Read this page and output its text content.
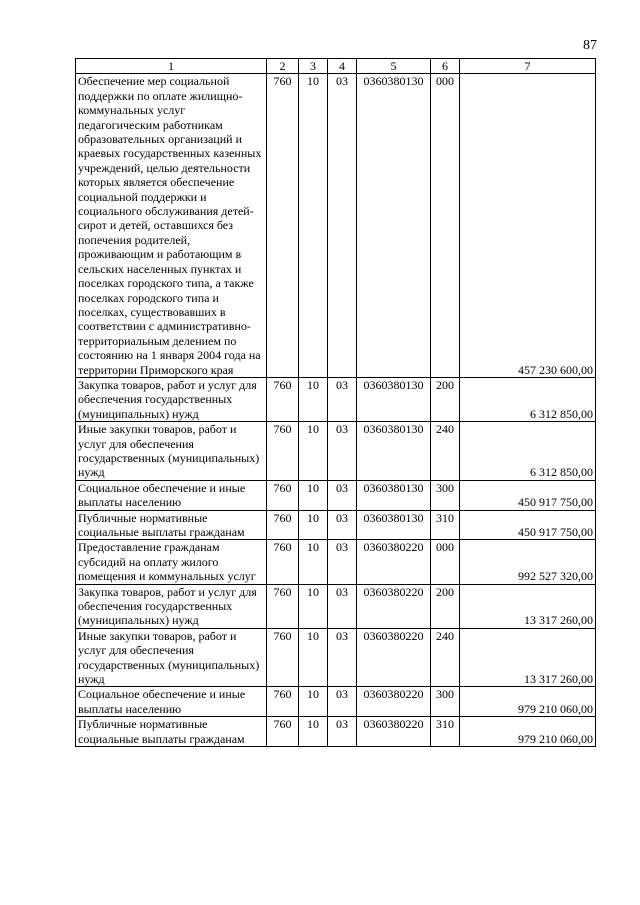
87
1	2	3	4	5	6	7
Обеспечение мер социальной поддержки по оплате жилищно-коммунальных услуг педагогическим работникам образовательных организаций и краевых государственных казенных учреждений, целью деятельности которых является обеспечение социальной поддержки и социального обслуживания детей-сирот и детей, оставшихся без попечения родителей, проживающим и работающим в сельских населенных пунктах и поселках городского типа, а также поселках городского типа и поселках, существовавших в соответствии с административно-территориальным делением по состоянию на 1 января 2004 года на территории Приморского края	760	10	03	0360380130	000	457 230 600,00
Закупка товаров, работ и услуг для обеспечения государственных (муниципальных) нужд	760	10	03	0360380130	200	6 312 850,00
Иные закупки товаров, работ и услуг для обеспечения государственных (муниципальных) нужд	760	10	03	0360380130	240	6 312 850,00
Социальное обеспечение и иные выплаты населению	760	10	03	0360380130	300	450 917 750,00
Публичные нормативные социальные выплаты гражданам	760	10	03	0360380130	310	450 917 750,00
Предоставление гражданам субсидий на оплату жилого помещения и коммунальных услуг	760	10	03	0360380220	000	992 527 320,00
Закупка товаров, работ и услуг для обеспечения государственных (муниципальных) нужд	760	10	03	0360380220	200	13 317 260,00
Иные закупки товаров, работ и услуг для обеспечения государственных (муниципальных) нужд	760	10	03	0360380220	240	13 317 260,00
Социальное обеспечение и иные выплаты населению	760	10	03	0360380220	300	979 210 060,00
Публичные нормативные социальные выплаты гражданам	760	10	03	0360380220	310	979 210 060,00
